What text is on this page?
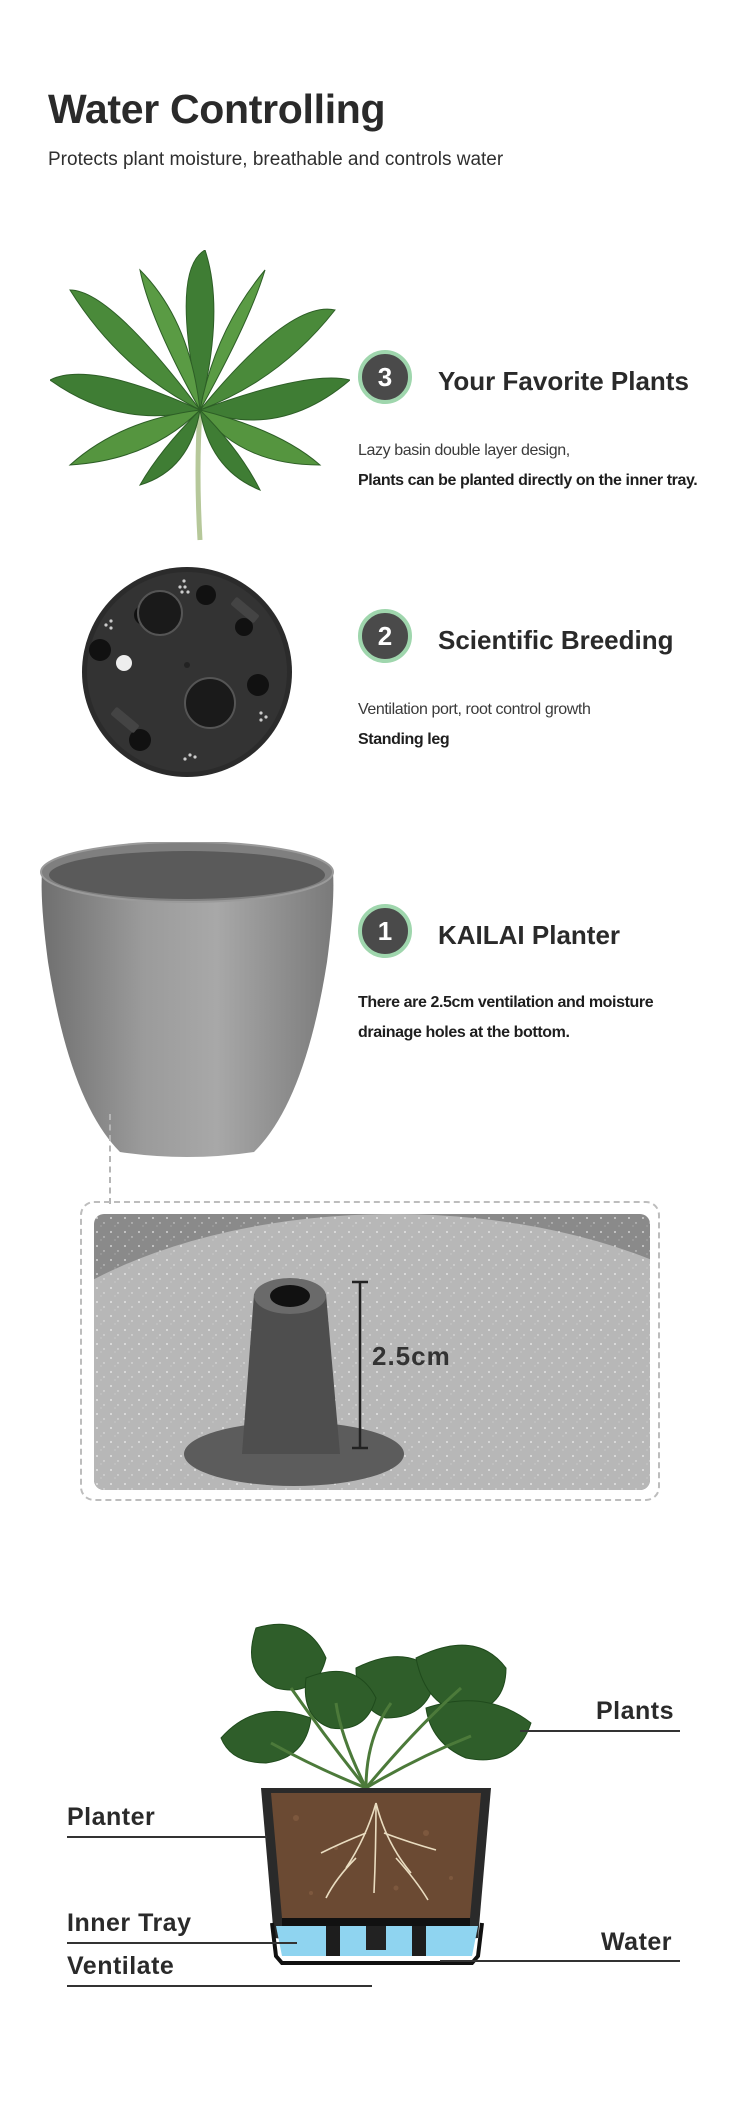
Water Controlling

Protects plant moisture, breathable and controls water

2.5cm
3	Your Favorite Plants
Lazy basin double layer design,
Plants can be planted directly on the inner tray.
2	Scientific Breeding
Ventilation port, root control growth
Standing leg
1	KAILAI Planter
There are 2.5cm ventilation and moisture
drainage holes at the bottom.
Plants
Planter
Inner Tray
Ventilate
Water
